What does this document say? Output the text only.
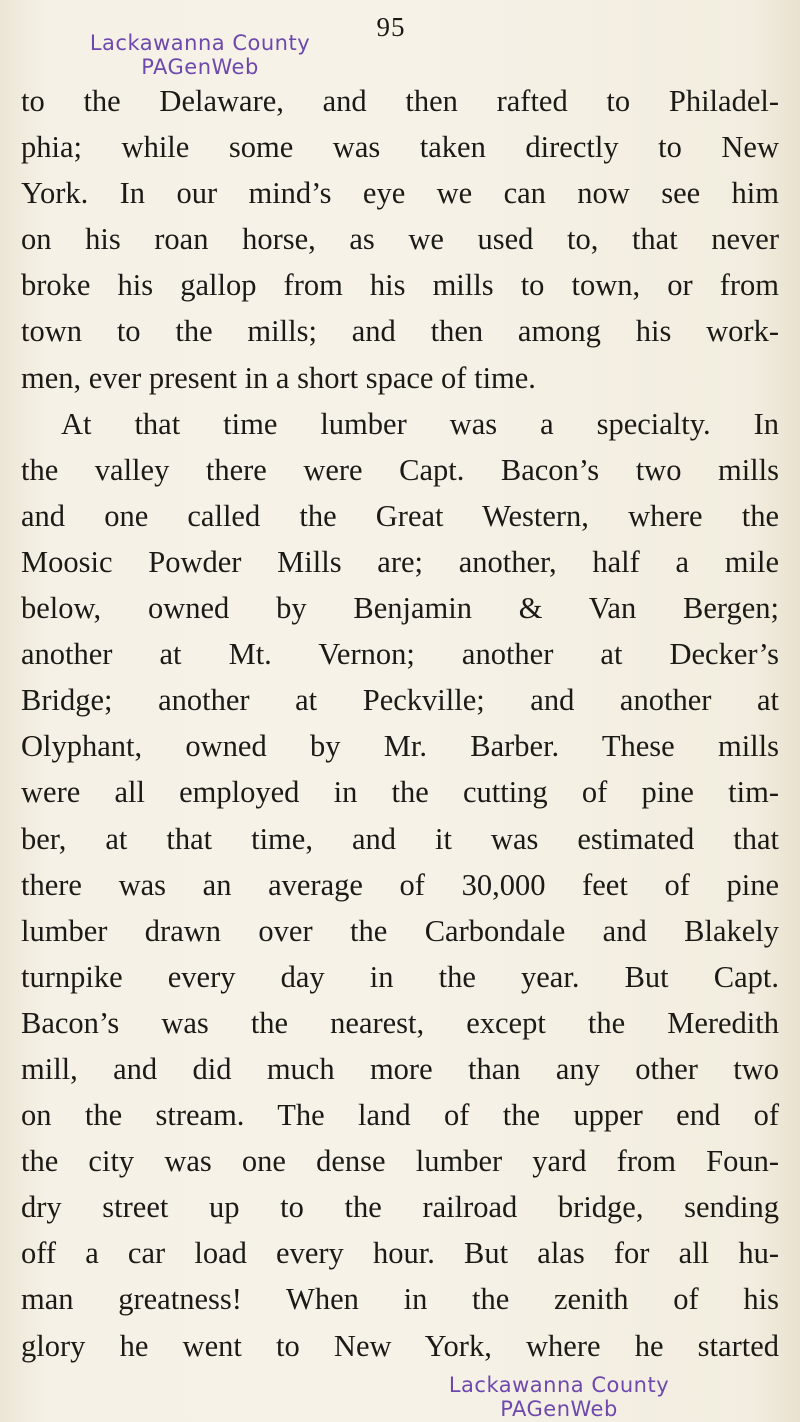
95
Lackawanna County
PAGenWeb
to the Delaware, and then rafted to Philadel-
phia; while some was taken directly to New
York. In our mind’s eye we can now see him
on his roan horse, as we used to, that never
broke his gallop from his mills to town, or from
town to the mills; and then among his work-
men, ever present in a short space of time.
At that time lumber was a specialty. In
the valley there were Capt. Bacon’s two mills
and one called the Great Western, where the
Moosic Powder Mills are; another, half a mile
below, owned by Benjamin & Van Bergen;
another at Mt. Vernon; another at Decker’s
Bridge; another at Peckville; and another at
Olyphant, owned by Mr. Barber. These mills
were all employed in the cutting of pine tim-
ber, at that time, and it was estimated that
there was an average of 30,000 feet of pine
lumber drawn over the Carbondale and Blakely
turnpike every day in the year. But Capt.
Bacon’s was the nearest, except the Meredith
mill, and did much more than any other two
on the stream. The land of the upper end of
the city was one dense lumber yard from Foun-
dry street up to the railroad bridge, sending
off a car load every hour. But alas for all hu-
man greatness! When in the zenith of his
glory he went to New York, where he started
Lackawanna County
PAGenWeb
